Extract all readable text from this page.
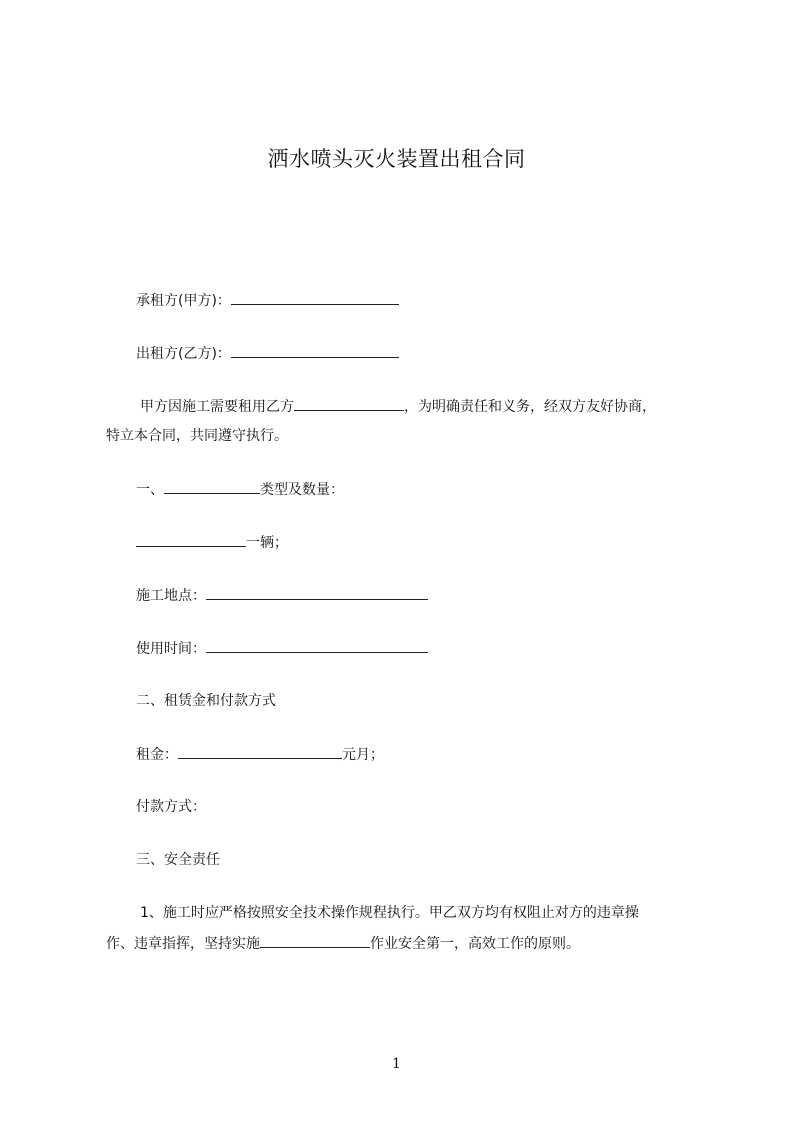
洒水喷头灭火装置出租合同
承租方(甲方)：
出租方(乙方)：
甲方因施工需要租用乙方	，为明确责任和义务，经双方友好协商，
特立本合同，共同遵守执行。
一、	类型及数量：
一辆；
施工地点：
使用时间：
二、租赁金和付款方式
租金：	元月；
付款方式：
三、安全责任
1、施工时应严格按照安全技术操作规程执行。甲乙双方均有权阻止对方的违章操
作、违章指挥，坚持实施	作业安全第一，高效工作的原则。
1
